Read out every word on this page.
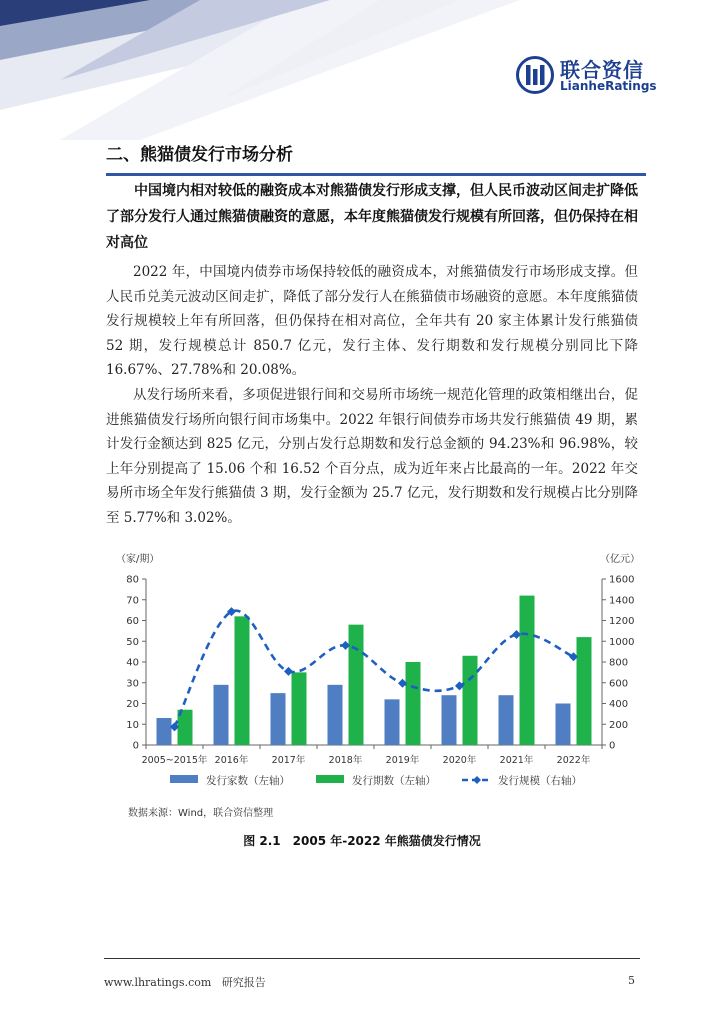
联合资信
LianheRatings
二、熊猫债发行市场分析

中国境内相对较低的融资成本对熊猫债发行形成支撑，但人民币波动区间走扩降低了部分发行人通过熊猫债融资的意愿，本年度熊猫债发行规模有所回落，但仍保持在相对高位

2022 年，中国境内债券市场保持较低的融资成本，对熊猫债发行市场形成支撑。但人民币兑美元波动区间走扩，降低了部分发行人在熊猫债市场融资的意愿。本年度熊猫债发行规模较上年有所回落，但仍保持在相对高位，全年共有 20 家主体累计发行熊猫债 52 期，发行规模总计 850.7 亿元，发行主体、发行期数和发行规模分别同比下降 16.67%、27.78%和 20.08%。

从发行场所来看，多项促进银行间和交易所市场统一规范化管理的政策相继出台，促进熊猫债发行场所向银行间市场集中。2022 年银行间债券市场共发行熊猫债 49 期，累计发行金额达到 825 亿元，分别占发行总期数和发行总金额的 94.23%和 96.98%，较上年分别提高了 15.06 个和 16.52 个百分点，成为近年来占比最高的一年。2022 年交易所市场全年发行熊猫债 3 期，发行金额为 25.7 亿元，发行期数和发行规模占比分别降至 5.77%和 3.02%。

（家/期）	（亿元）
0
10
20
30
40
50
60
70
80
0
200
400
600
800
1000
1200
1400
1600
2005~2015年 2016年 2017年 2018年 2019年 2020年 2021年 2022年
发行家数（左轴）	发行期数（左轴）	发行规模（右轴）
数据来源：Wind，联合资信整理
图 2.1　2005 年-2022 年熊猫债发行情况
www.lhratings.com 研究报告	5
